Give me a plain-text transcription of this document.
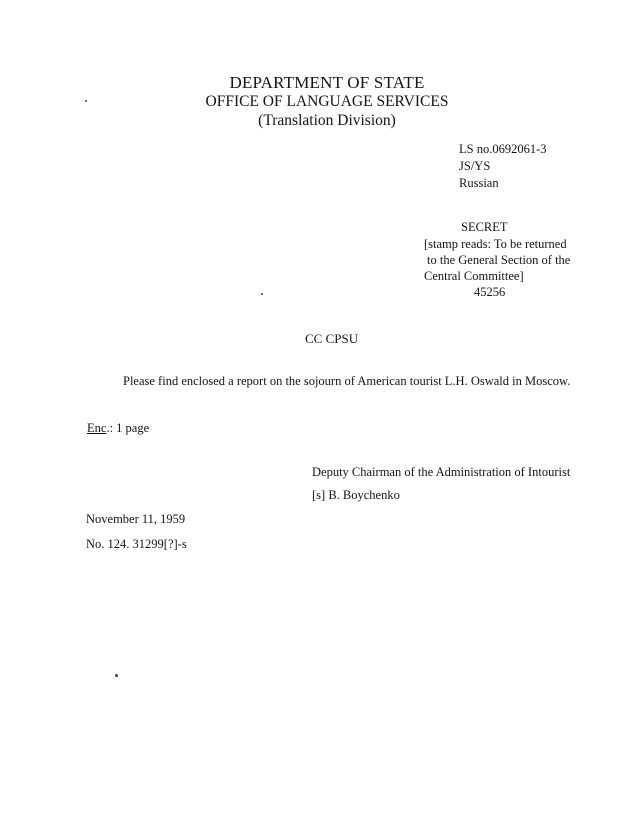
DEPARTMENT OF STATE
OFFICE OF LANGUAGE SERVICES
(Translation Division)
LS no.0692061-3
JS/YS
Russian
SECRET
[stamp reads: To be returned
to the General Section of the
Central Committee]
45256
CC CPSU
Please find enclosed a report on the sojourn of American tourist L.H. Oswald in Moscow.
Enc.: 1 page
Deputy Chairman of the Administration of Intourist
[s] B. Boychenko
November 11, 1959
No. 124. 31299[?]-s
